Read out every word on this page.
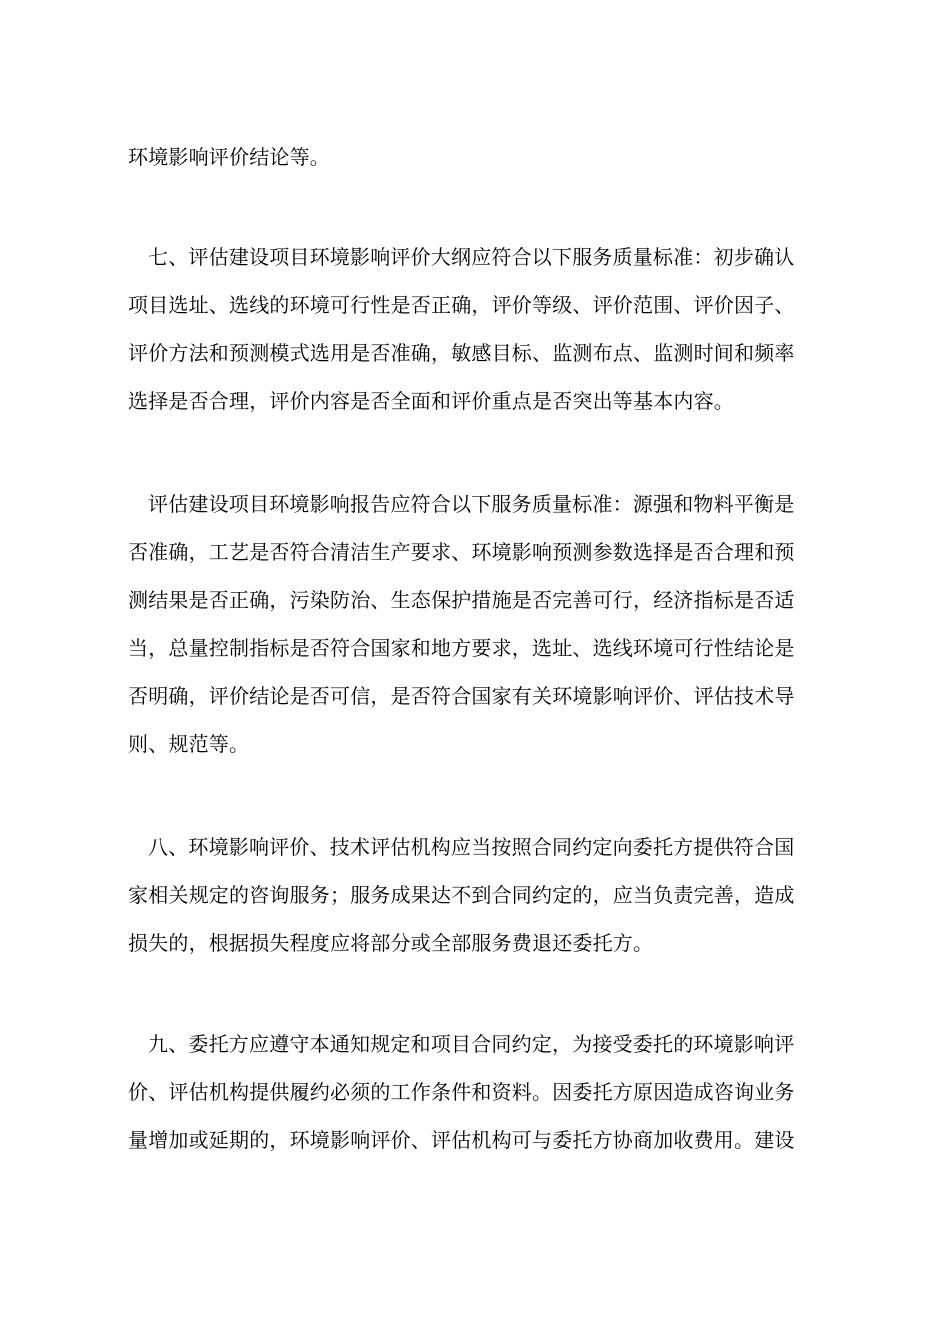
环境影响评价结论等。
七、评估建设项目环境影响评价大纲应符合以下服务质量标准：初步确认
项目选址、选线的环境可行性是否正确，评价等级、评价范围、评价因子、
评价方法和预测模式选用是否准确，敏感目标、监测布点、监测时间和频率
选择是否合理，评价内容是否全面和评价重点是否突出等基本内容。
评估建设项目环境影响报告应符合以下服务质量标准：源强和物料平衡是
否准确，工艺是否符合清洁生产要求、环境影响预测参数选择是否合理和预
测结果是否正确，污染防治、生态保护措施是否完善可行，经济指标是否适
当，总量控制指标是否符合国家和地方要求，选址、选线环境可行性结论是
否明确，评价结论是否可信，是否符合国家有关环境影响评价、评估技术导
则、规范等。
八、环境影响评价、技术评估机构应当按照合同约定向委托方提供符合国
家相关规定的咨询服务；服务成果达不到合同约定的，应当负责完善，造成
损失的，根据损失程度应将部分或全部服务费退还委托方。
九、委托方应遵守本通知规定和项目合同约定，为接受委托的环境影响评
价、评估机构提供履约必须的工作条件和资料。因委托方原因造成咨询业务
量增加或延期的，环境影响评价、评估机构可与委托方协商加收费用。建设
